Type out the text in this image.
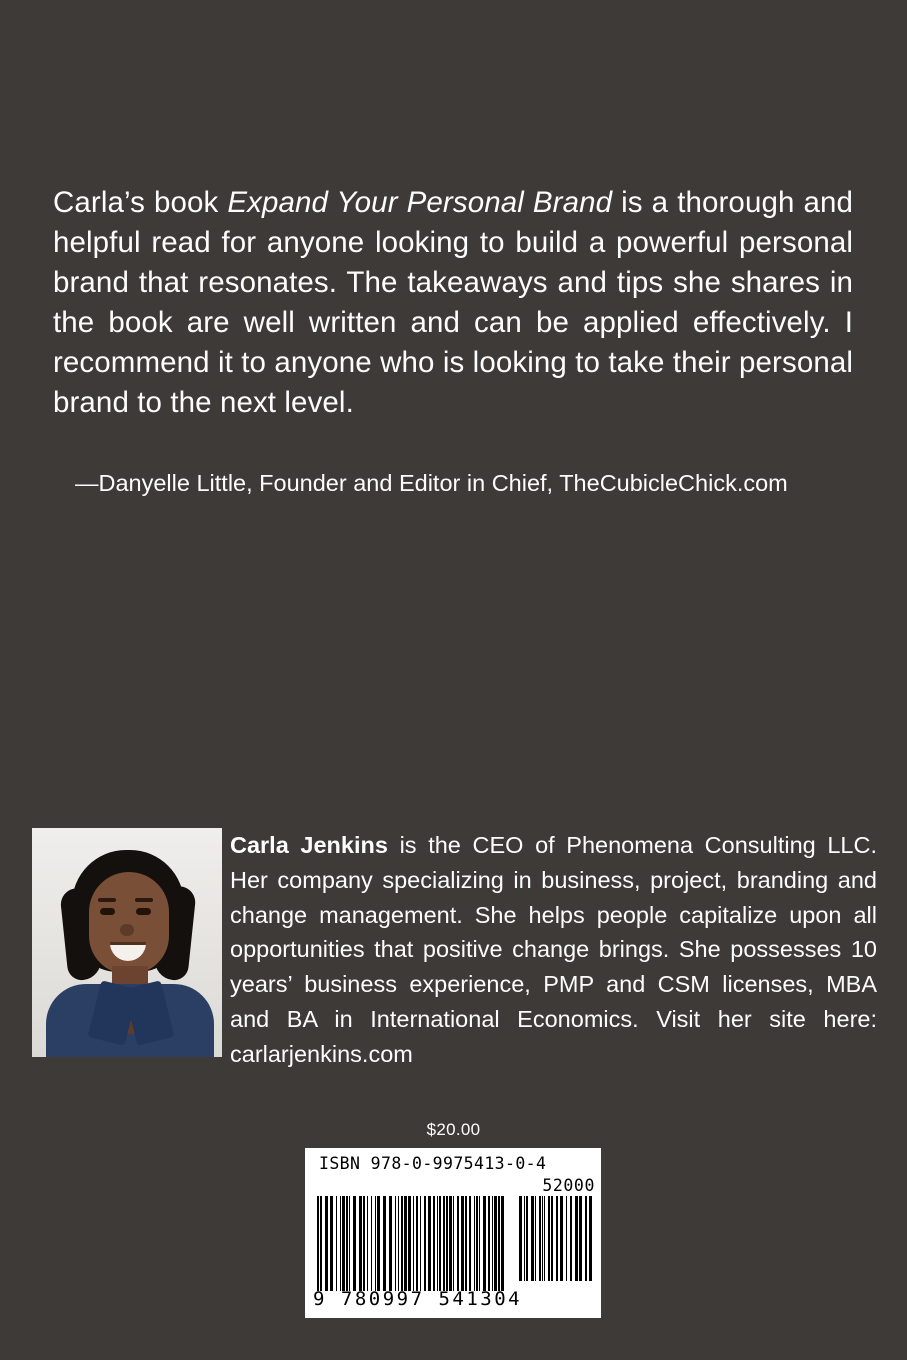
Carla’s book Expand Your Personal Brand is a thorough and helpful read for anyone looking to build a powerful personal brand that resonates. The takeaways and tips she shares in the book are well written and can be applied effectively. I recommend it to anyone who is looking to take their personal brand to the next level.
—Danyelle Little, Founder and Editor in Chief, TheCubicleChick.com
Carla Jenkins is the CEO of Phenomena Consulting LLC. Her company specializing in business, project, branding and change management. She helps people capitalize upon all opportunities that positive change brings. She possesses 10 years’ business experience, PMP and CSM licenses, MBA and BA in International Economics. Visit her site here: carlarjenkins.com
$20.00
ISBN 978-0-9975413-0-4
52000
9 780997 541304
